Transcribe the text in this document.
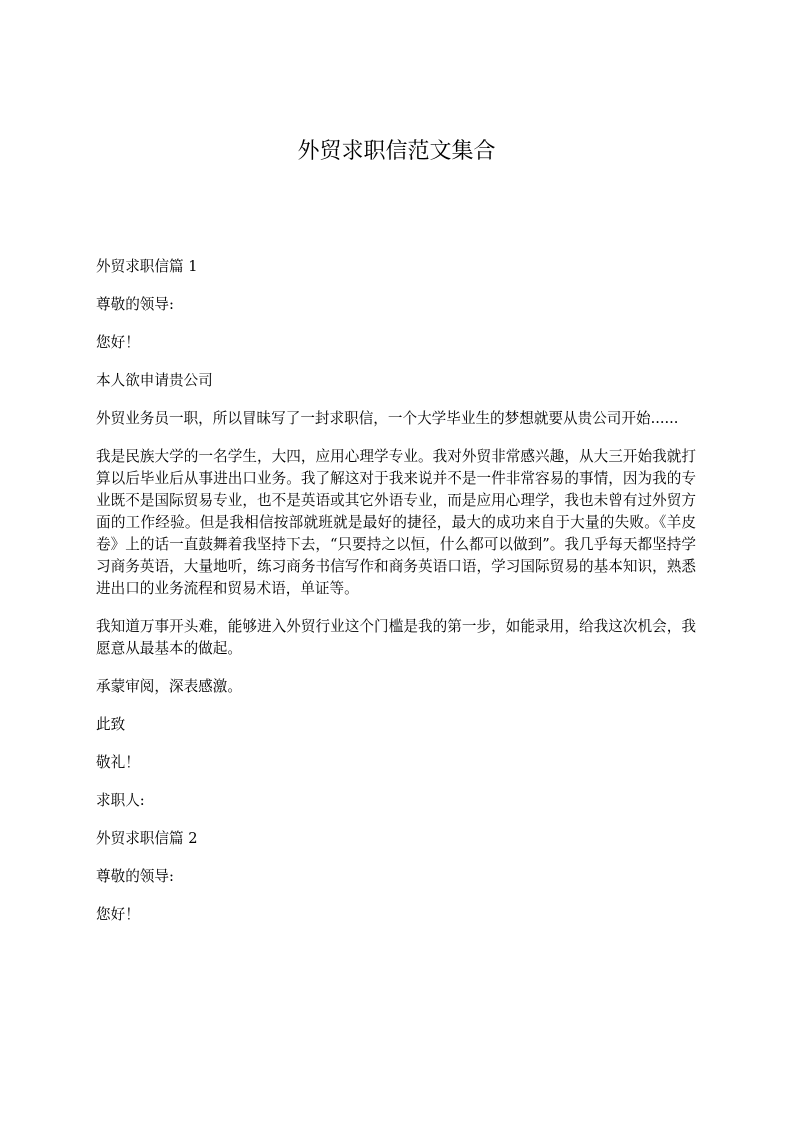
外贸求职信范文集合

外贸求职信篇 1

尊敬的领导:

您好！

本人欲申请贵公司

外贸业务员一职，所以冒昧写了一封求职信，一个大学毕业生的梦想就要从贵公司开始......

我是民族大学的一名学生，大四，应用心理学专业。我对外贸非常感兴趣，从大三开始我就打算以后毕业后从事进出口业务。我了解这对于我来说并不是一件非常容易的事情，因为我的专业既不是国际贸易专业，也不是英语或其它外语专业，而是应用心理学，我也未曾有过外贸方面的工作经验。但是我相信按部就班就是最好的捷径，最大的成功来自于大量的失败。《羊皮卷》上的话一直鼓舞着我坚持下去，“只要持之以恒，什么都可以做到”。我几乎每天都坚持学习商务英语，大量地听，练习商务书信写作和商务英语口语，学习国际贸易的基本知识，熟悉进出口的业务流程和贸易术语，单证等。

我知道万事开头难，能够进入外贸行业这个门槛是我的第一步，如能录用，给我这次机会，我愿意从最基本的做起。

承蒙审阅，深表感激。

此致

敬礼！

求职人:

外贸求职信篇 2

尊敬的领导:

您好！
